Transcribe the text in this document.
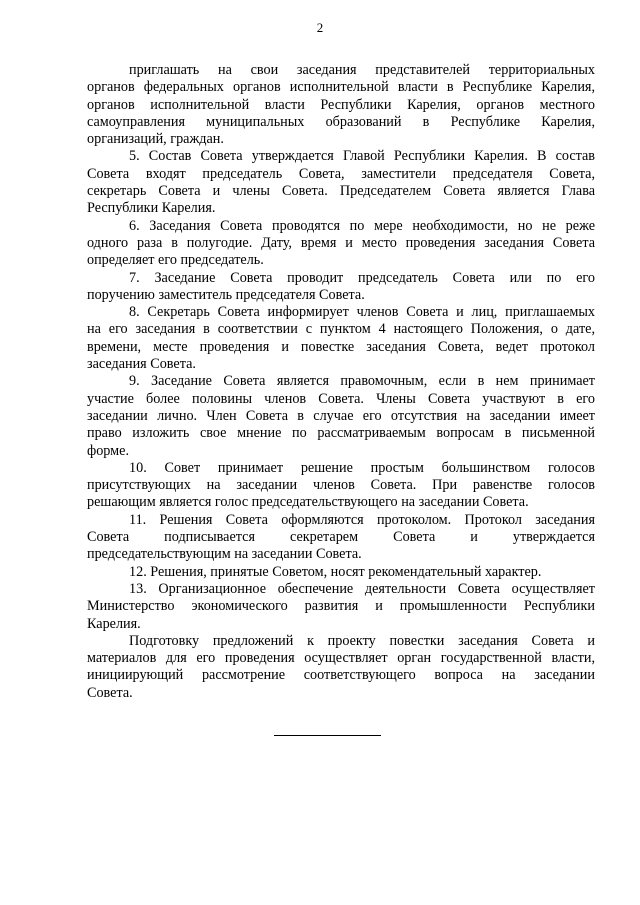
2
приглашать на свои заседания представителей территориальных
органов федеральных органов исполнительной власти в Республике Карелия,
органов исполнительной власти Республики Карелия, органов местного
самоуправления муниципальных образований в Республике Карелия,
организаций, граждан.
5. Состав Совета утверждается Главой Республики Карелия. В состав
Совета входят председатель Совета, заместители председателя Совета,
секретарь Совета и члены Совета. Председателем Совета является Глава
Республики Карелия.
6. Заседания Совета проводятся по мере необходимости, но не реже
одного раза в полугодие. Дату, время и место проведения заседания Совета
определяет его председатель.
7. Заседание Совета проводит председатель Совета или по его
поручению заместитель председателя Совета.
8. Секретарь Совета информирует членов Совета и лиц, приглашаемых
на его заседания в соответствии с пунктом 4 настоящего Положения, о дате,
времени, месте проведения и повестке заседания Совета, ведет протокол
заседания Совета.
9. Заседание Совета является правомочным, если в нем принимает
участие более половины членов Совета. Члены Совета участвуют в его
заседании лично. Член Совета в случае его отсутствия на заседании имеет
право изложить свое мнение по рассматриваемым вопросам в письменной
форме.
10. Совет принимает решение простым большинством голосов
присутствующих на заседании членов Совета. При равенстве голосов
решающим является голос председательствующего на заседании Совета.
11. Решения Совета оформляются протоколом. Протокол заседания
Совета подписывается секретарем Совета и утверждается
председательствующим на заседании Совета.
12. Решения, принятые Советом, носят рекомендательный характер.
13. Организационное обеспечение деятельности Совета осуществляет
Министерство экономического развития и промышленности Республики
Карелия.
Подготовку предложений к проекту повестки заседания Совета и
материалов для его проведения осуществляет орган государственной власти,
инициирующий рассмотрение соответствующего вопроса на заседании
Совета.
